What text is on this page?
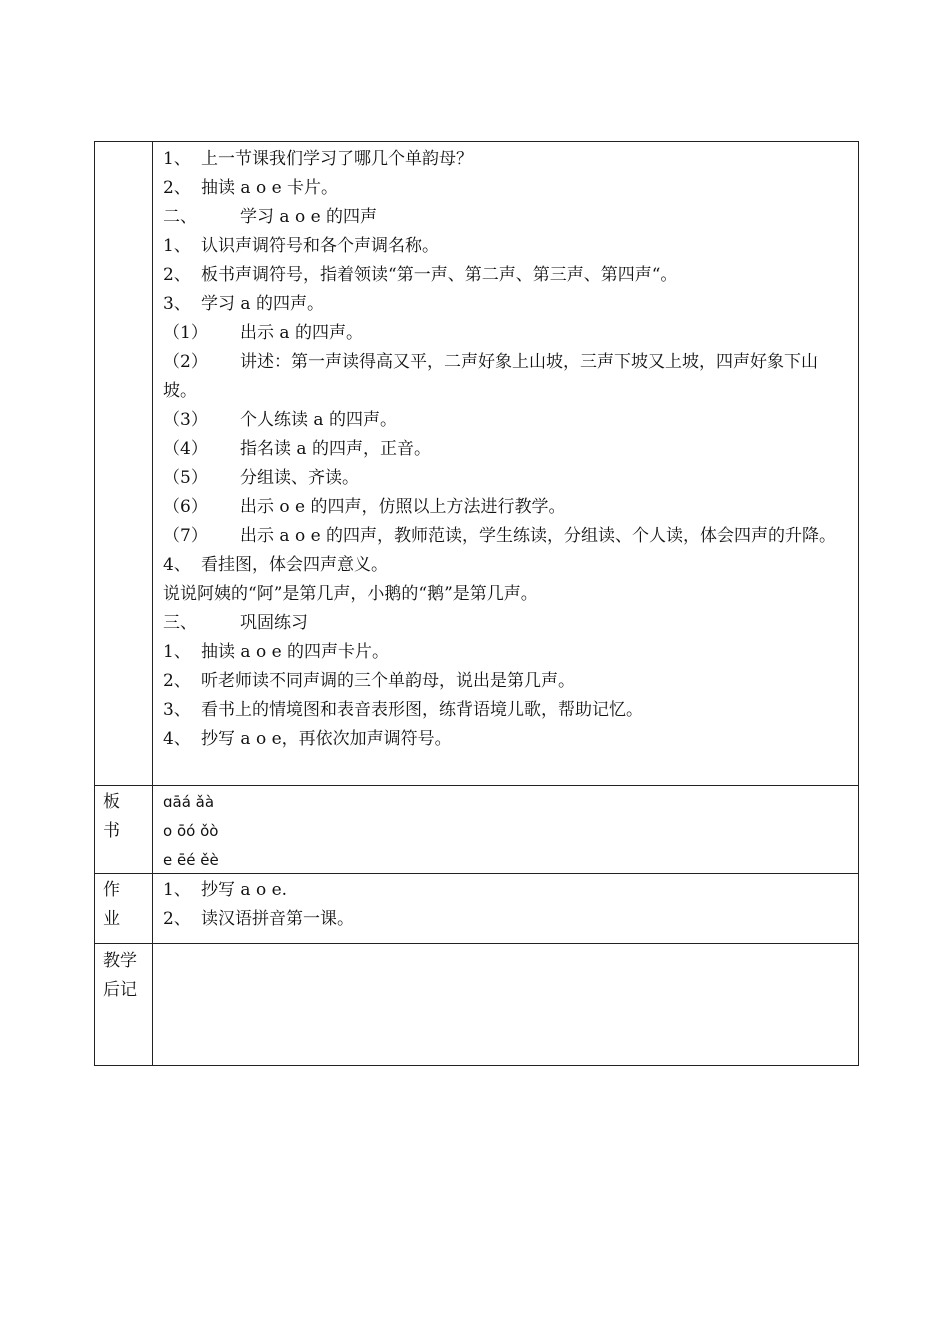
1、 上一节课我们学习了哪几个单韵母？
2、 抽读 a o e 卡片。
二、	学习 a o e 的四声
1、 认识声调符号和各个声调名称。
2、 板书声调符号，指着领读“第一声、第二声、第三声、第四声“。
3、 学习 a 的四声。
（1） 出示 a 的四声。
（2） 讲述：第一声读得高又平，二声好象上山坡，三声下坡又上坡，四声好象下山坡。
（3） 个人练读 a 的四声。
（4） 指名读 a 的四声，正音。
（5） 分组读、齐读。
（6） 出示 o e 的四声，仿照以上方法进行教学。
（7） 出示 a o e 的四声，教师范读，学生练读，分组读、个人读，体会四声的升降。
4、 看挂图，体会四声意义。
说说阿姨的“阿”是第几声，小鹅的“鹅”是第几声。
三、	巩固练习
1、 抽读 a o e 的四声卡片。
2、 听老师读不同声调的三个单韵母，说出是第几声。
3、 看书上的情境图和表音表形图，练背语境儿歌，帮助记忆。
4、 抄写 a o e，再依次加声调符号。
板
书
ɑāá ǎà
o ōó ǒò
e ēé ěè
作
业
1、 抄写 a o e.
2、 读汉语拼音第一课。
教学
后记
